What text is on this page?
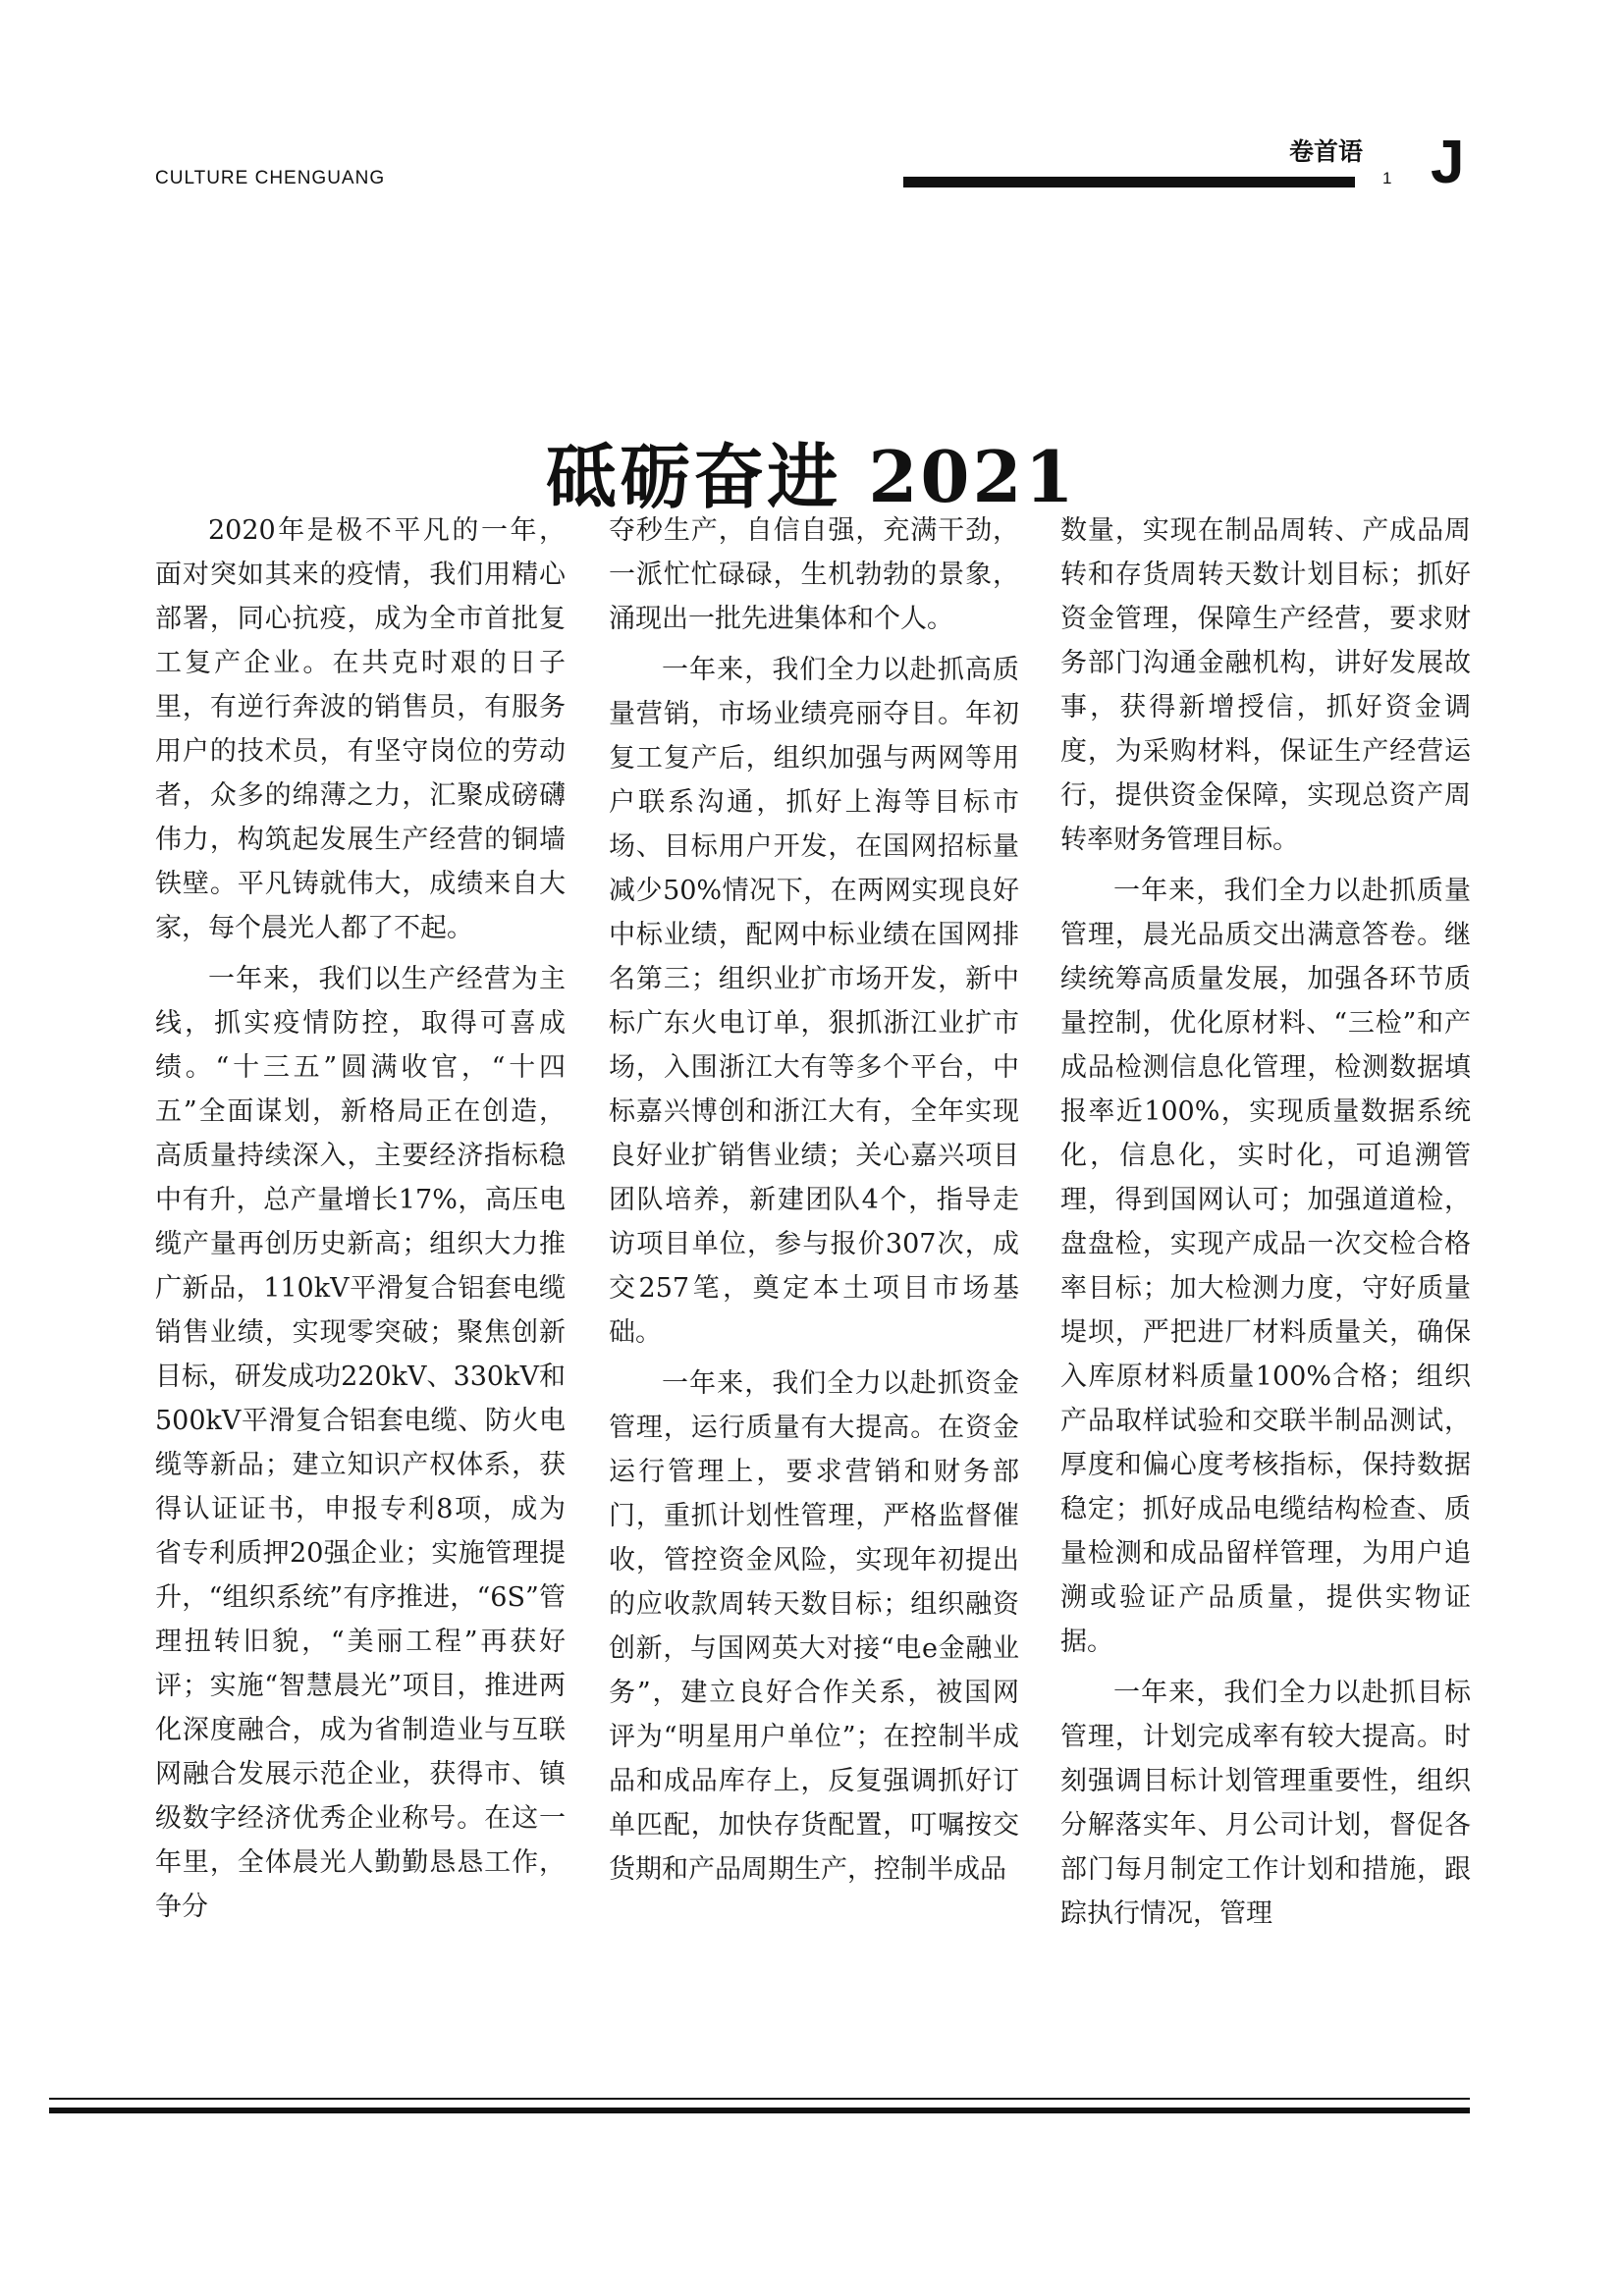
CULTURE CHENGUANG
卷首语
1 J
砥砺奋进 2021

2020年是极不平凡的一年，面对突如其来的疫情，我们用精心部署，同心抗疫，成为全市首批复工复产企业。在共克时艰的日子里，有逆行奔波的销售员，有服务用户的技术员，有坚守岗位的劳动者，众多的绵薄之力，汇聚成磅礴伟力，构筑起发展生产经营的铜墙铁壁。平凡铸就伟大，成绩来自大家，每个晨光人都了不起。

一年来，我们以生产经营为主线，抓实疫情防控，取得可喜成绩。“十三五”圆满收官，“十四五”全面谋划，新格局正在创造，高质量持续深入，主要经济指标稳中有升，总产量增长17%，高压电缆产量再创历史新高；组织大力推广新品，110kV平滑复合铝套电缆销售业绩，实现零突破；聚焦创新目标，研发成功220kV、330kV和500kV平滑复合铝套电缆、防火电缆等新品；建立知识产权体系，获得认证证书，申报专利8项，成为省专利质押20强企业；实施管理提升，“组织系统”有序推进，“6S”管理扭转旧貌，“美丽工程”再获好评；实施“智慧晨光”项目，推进两化深度融合，成为省制造业与互联网融合发展示范企业，获得市、镇级数字经济优秀企业称号。在这一年里，全体晨光人勤勤恳恳工作，争分

夺秒生产，自信自强，充满干劲，一派忙忙碌碌，生机勃勃的景象，涌现出一批先进集体和个人。

一年来，我们全力以赴抓高质量营销，市场业绩亮丽夺目。年初复工复产后，组织加强与两网等用户联系沟通，抓好上海等目标市场、目标用户开发，在国网招标量减少50%情况下，在两网实现良好中标业绩，配网中标业绩在国网排名第三；组织业扩市场开发，新中标广东火电订单，狠抓浙江业扩市场，入围浙江大有等多个平台，中标嘉兴博创和浙江大有，全年实现良好业扩销售业绩；关心嘉兴项目团队培养，新建团队4个，指导走访项目单位，参与报价307次，成交257笔，奠定本土项目市场基础。

一年来，我们全力以赴抓资金管理，运行质量有大提高。在资金运行管理上，要求营销和财务部门，重抓计划性管理，严格监督催收，管控资金风险，实现年初提出的应收款周转天数目标；组织融资创新，与国网英大对接“电e金融业务”，建立良好合作关系，被国网评为“明星用户单位”；在控制半成品和成品库存上，反复强调抓好订单匹配，加快存货配置，叮嘱按交货期和产品周期生产，控制半成品

数量，实现在制品周转、产成品周转和存货周转天数计划目标；抓好资金管理，保障生产经营，要求财务部门沟通金融机构，讲好发展故事，获得新增授信，抓好资金调度，为采购材料，保证生产经营运行，提供资金保障，实现总资产周转率财务管理目标。

一年来，我们全力以赴抓质量管理，晨光品质交出满意答卷。继续统筹高质量发展，加强各环节质量控制，优化原材料、“三检”和产成品检测信息化管理，检测数据填报率近100%，实现质量数据系统化，信息化，实时化，可追溯管理，得到国网认可；加强道道检，盘盘检，实现产成品一次交检合格率目标；加大检测力度，守好质量堤坝，严把进厂材料质量关，确保入库原材料质量100%合格；组织产品取样试验和交联半制品测试，厚度和偏心度考核指标，保持数据稳定；抓好成品电缆结构检查、质量检测和成品留样管理，为用户追溯或验证产品质量，提供实物证据。

一年来，我们全力以赴抓目标管理，计划完成率有较大提高。时刻强调目标计划管理重要性，组织分解落实年、月公司计划，督促各部门每月制定工作计划和措施，跟踪执行情况，管理
